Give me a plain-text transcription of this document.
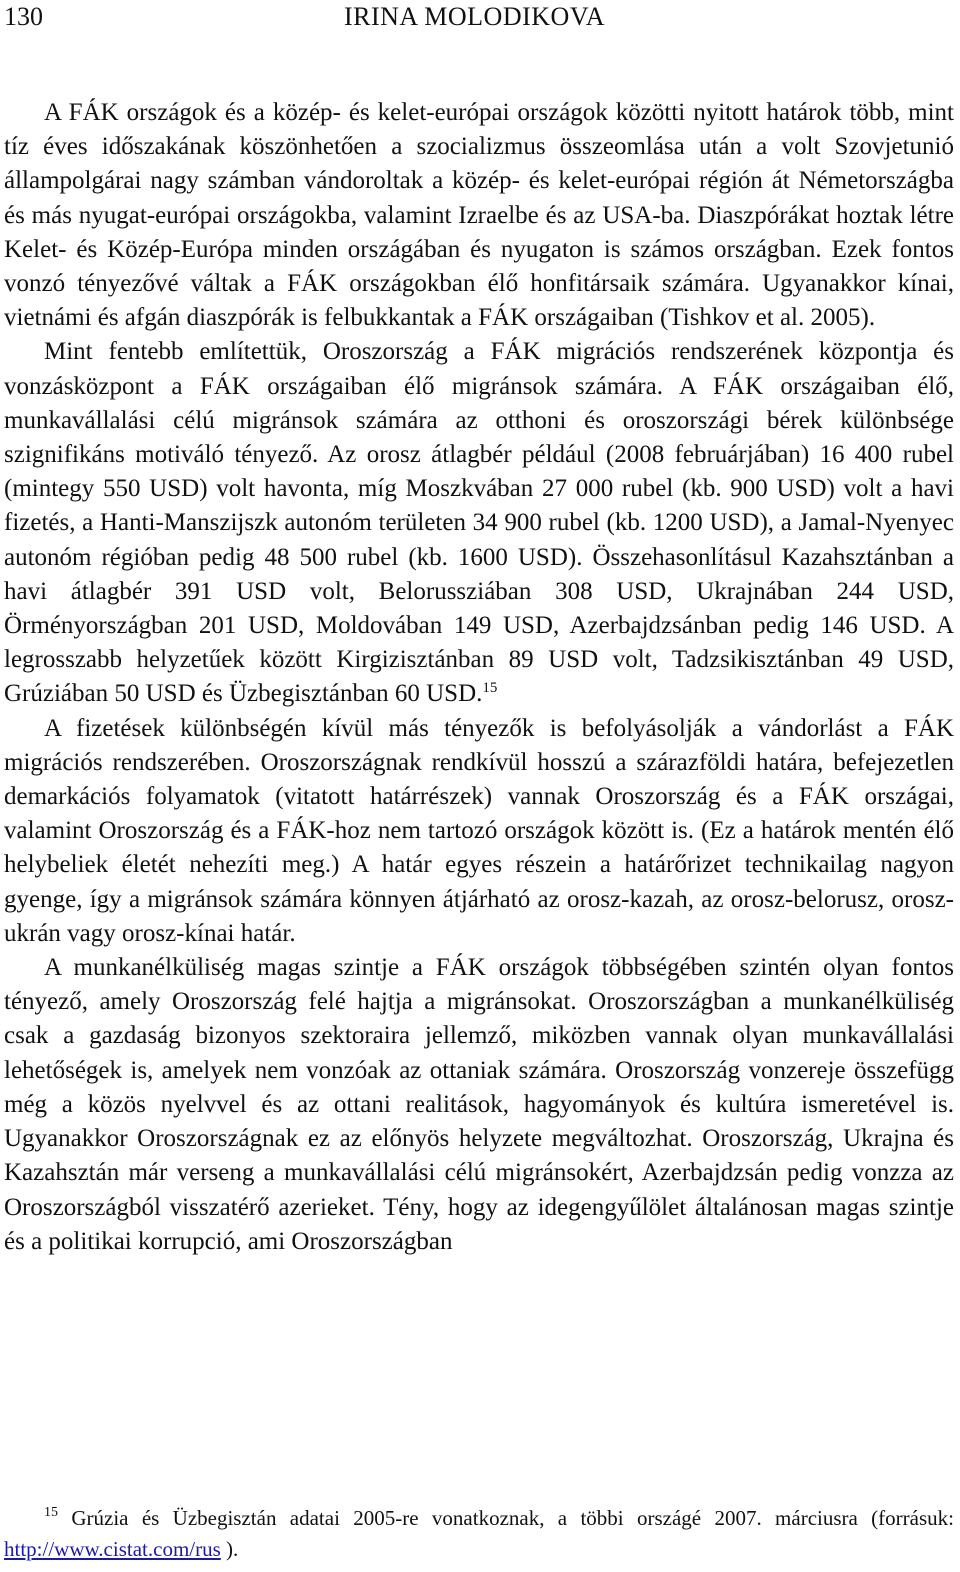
130	IRINA MOLODIKOVA

A FÁK országok és a közép- és kelet-európai országok közötti nyitott határok több, mint tíz éves időszakának köszönhetően a szocializmus összeomlása után a volt Szovjetunió állampolgárai nagy számban vándoroltak a közép- és kelet-európai régión át Németországba és más nyugat-európai országokba, valamint Izraelbe és az USA-ba. Diaszpórákat hoztak létre Kelet- és Közép-Európa minden országában és nyugaton is számos országban. Ezek fontos vonzó tényezővé váltak a FÁK országokban élő honfitársaik számára. Ugyanakkor kínai, vietnámi és afgán diaszpórák is felbukkantak a FÁK országaiban (Tishkov et al. 2005).

Mint fentebb említettük, Oroszország a FÁK migrációs rendszerének központja és vonzásközpont a FÁK országaiban élő migránsok számára. A FÁK országaiban élő, munkavállalási célú migránsok számára az otthoni és oroszországi bérek különbsége szignifikáns motiváló tényező. Az orosz átlagbér például (2008 februárjában) 16 400 rubel (mintegy 550 USD) volt havonta, míg Moszkvában 27 000 rubel (kb. 900 USD) volt a havi fizetés, a Hanti-Manszijszk autonóm területen 34 900 rubel (kb. 1200 USD), a Jamal-Nyenyec autonóm régióban pedig 48 500 rubel (kb. 1600 USD). Összehasonlításul Kazahsztánban a havi átlagbér 391 USD volt, Belorussziában 308 USD, Ukrajnában 244 USD, Örményországban 201 USD, Moldovában 149 USD, Azerbajdzsánban pedig 146 USD. A legrosszabb helyzetűek között Kirgizisztánban 89 USD volt, Tadzsikisztánban 49 USD, Grúziában 50 USD és Üzbegisztánban 60 USD.$^{15}$

A fizetések különbségén kívül más tényezők is befolyásolják a vándorlást a FÁK migrációs rendszerében. Oroszországnak rendkívül hosszú a szárazföldi határa, befejezetlen demarkációs folyamatok (vitatott határrészek) vannak Oroszország és a FÁK országai, valamint Oroszország és a FÁK-hoz nem tartozó országok között is. (Ez a határok mentén élő helybeliek életét nehezíti meg.) A határ egyes részein a határőrizet technikailag nagyon gyenge, így a migránsok számára könnyen átjárható az orosz-kazah, az orosz-belorusz, orosz-ukrán vagy orosz-kínai határ.

A munkanélküliség magas szintje a FÁK országok többségében szintén olyan fontos tényező, amely Oroszország felé hajtja a migránsokat. Oroszországban a munkanélküliség csak a gazdaság bizonyos szektoraira jellemző, miközben vannak olyan munkavállalási lehetőségek is, amelyek nem vonzóak az ottaniak számára. Oroszország vonzereje összefügg még a közös nyelvvel és az ottani realitások, hagyományok és kultúra ismeretével is. Ugyanakkor Oroszországnak ez az előnyös helyzete megváltozhat. Oroszország, Ukrajna és Kazahsztán már verseng a munkavállalási célú migránsokért, Azerbajdzsán pedig vonzza az Oroszországból visszatérő azerieket. Tény, hogy az idegengyűlölet általánosan magas szintje és a politikai korrupció, ami Oroszországban

$^{15}$ Grúzia és Üzbegisztán adatai 2005-re vonatkoznak, a többi országé 2007. márciusra (forrásuk: http://www.cistat.com/rus ).
